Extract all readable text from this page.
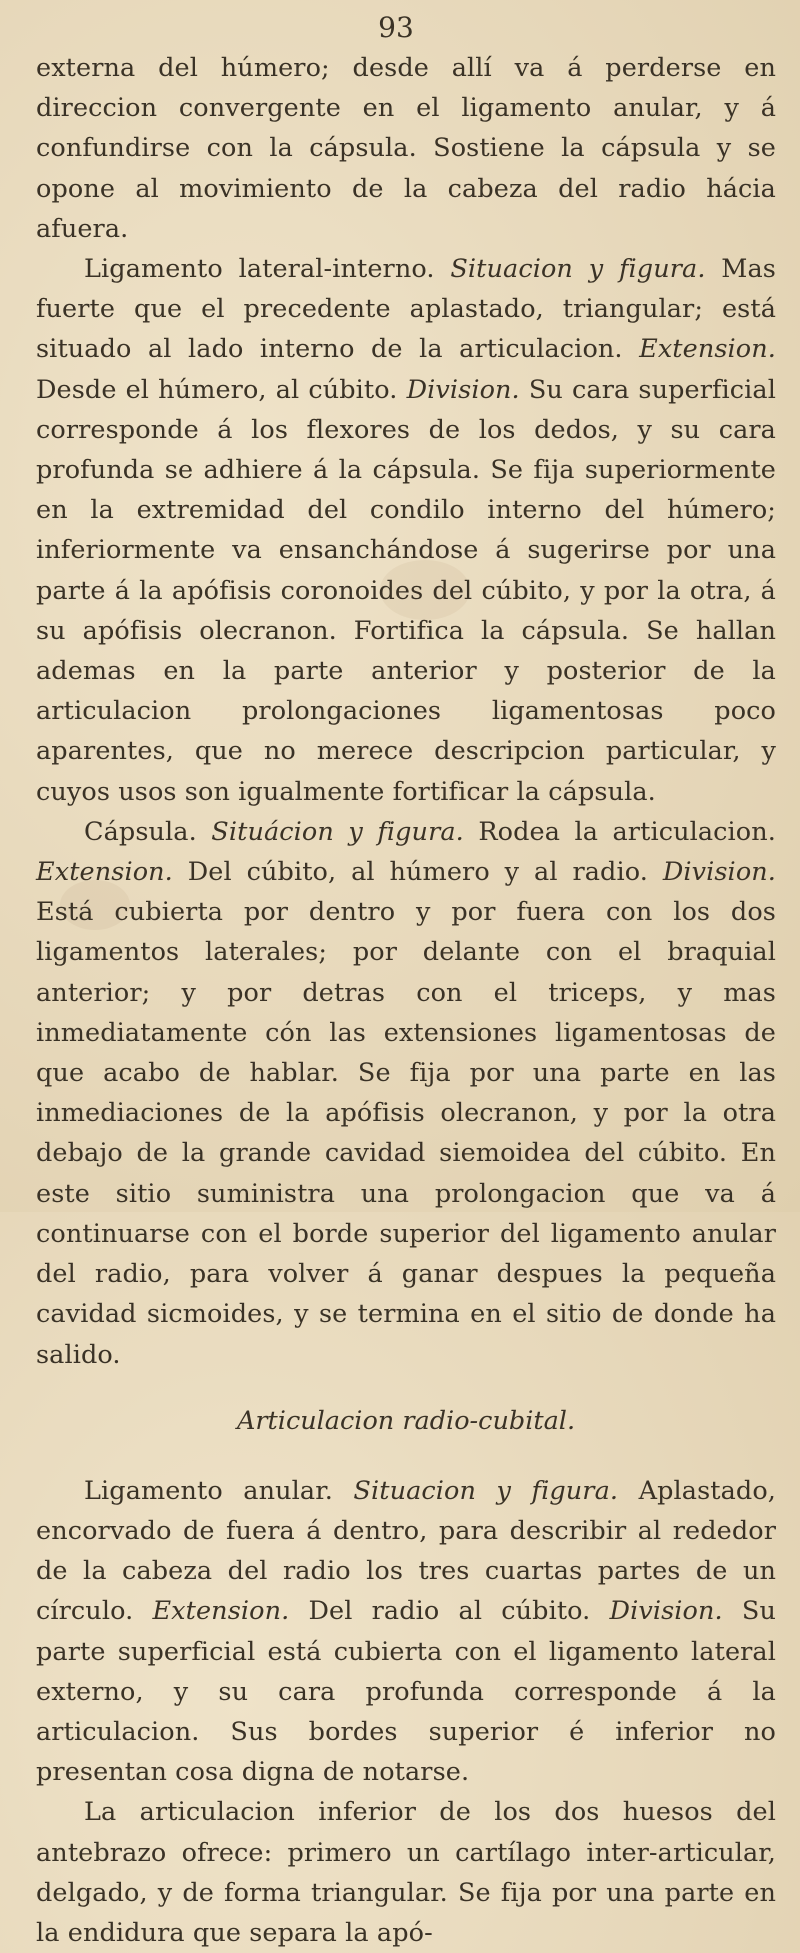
93

externa del húmero; desde allí va á perderse en direccion convergente en el ligamento anular, y á confundirse con la cápsula. Sostiene la cápsula y se opone al movimiento de la cabeza del radio hácia afuera.

Ligamento lateral-interno. Situacion y figura. Mas fuerte que el precedente aplastado, triangular; está situado al lado interno de la articulacion. Extension. Desde el húmero, al cúbito. Division. Su cara superficial corresponde á los flexores de los dedos, y su cara profunda se adhiere á la cápsula. Se fija superiormente en la extremidad del condilo interno del húmero; inferiormente va ensanchándose á sugerirse por una parte á la apófisis coronoides del cúbito, y por la otra, á su apófisis olecranon. Fortifica la cápsula. Se hallan ademas en la parte anterior y posterior de la articulacion prolongaciones ligamentosas poco aparentes, que no merece descripcion particular, y cuyos usos son igualmente fortificar la cápsula.

Cápsula. Situácion y figura. Rodea la articulacion. Extension. Del cúbito, al húmero y al radio. Division. Está cubierta por dentro y por fuera con los dos ligamentos laterales; por delante con el braquial anterior; y por detras con el triceps, y mas inmediatamente cón las extensiones ligamentosas de que acabo de hablar. Se fija por una parte en las inmediaciones de la apófisis olecranon, y por la otra debajo de la grande cavidad siemoidea del cúbito. En este sitio suministra una prolongacion que va á continuarse con el borde superior del ligamento anular del radio, para volver á ganar despues la pequeña cavidad sicmoides, y se termina en el sitio de donde ha salido.

Articulacion radio-cubital.

Ligamento anular. Situacion y figura. Aplastado, encorvado de fuera á dentro, para describir al rededor de la cabeza del radio los tres cuartas partes de un círculo. Extension. Del radio al cúbito. Division. Su parte superficial está cubierta con el ligamento lateral externo, y su cara profunda corresponde á la articulacion. Sus bordes superior é inferior no presentan cosa digna de notarse.

La articulacion inferior de los dos huesos del antebrazo ofrece: primero un cartílago inter-articular, delgado, y de forma triangular. Se fija por una parte en la endidura que separa la apó-
